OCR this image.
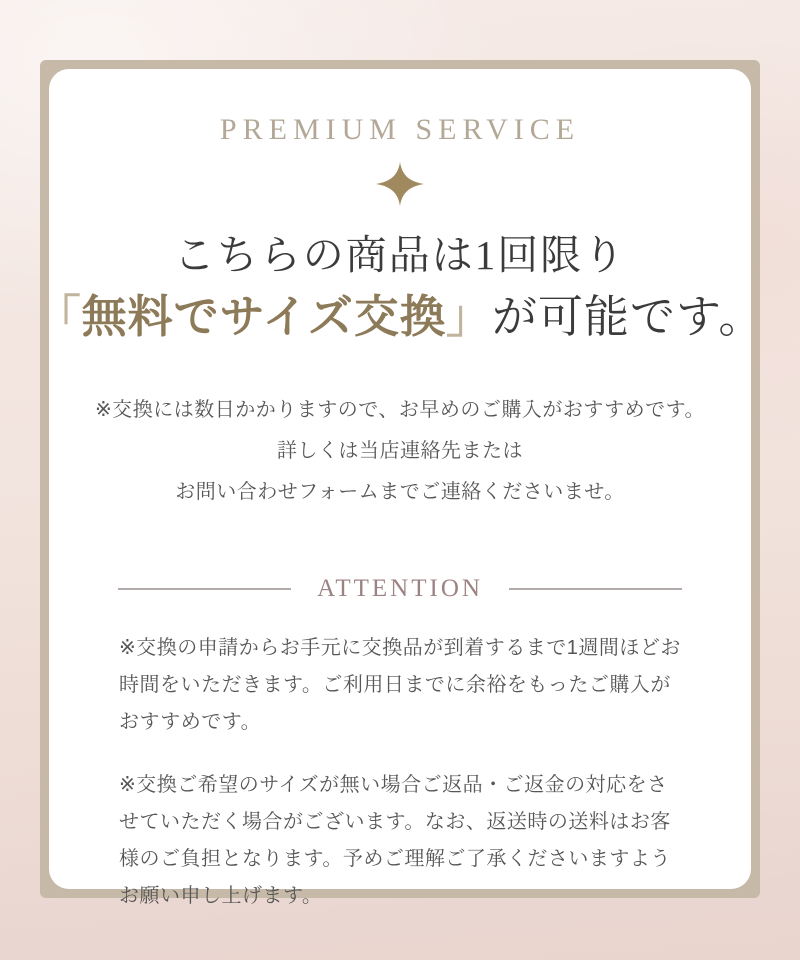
PREMIUM SERVICE
こちらの商品は1回限り
「無料でサイズ交換」が可能です。

※交換には数日かかりますので、お早めのご購入がおすすめです。

詳しくは当店連絡先または

お問い合わせフォームまでご連絡くださいませ。

ATTENTION

※交換の申請からお手元に交換品が到着するまで1週間ほどお時間をいただきます。ご利用日までに余裕をもったご購入がおすすめです。

※交換ご希望のサイズが無い場合ご返品・ご返金の対応をさせていただく場合がございます。なお、返送時の送料はお客様のご負担となります。予めご理解ご了承くださいますようお願い申し上げます。
